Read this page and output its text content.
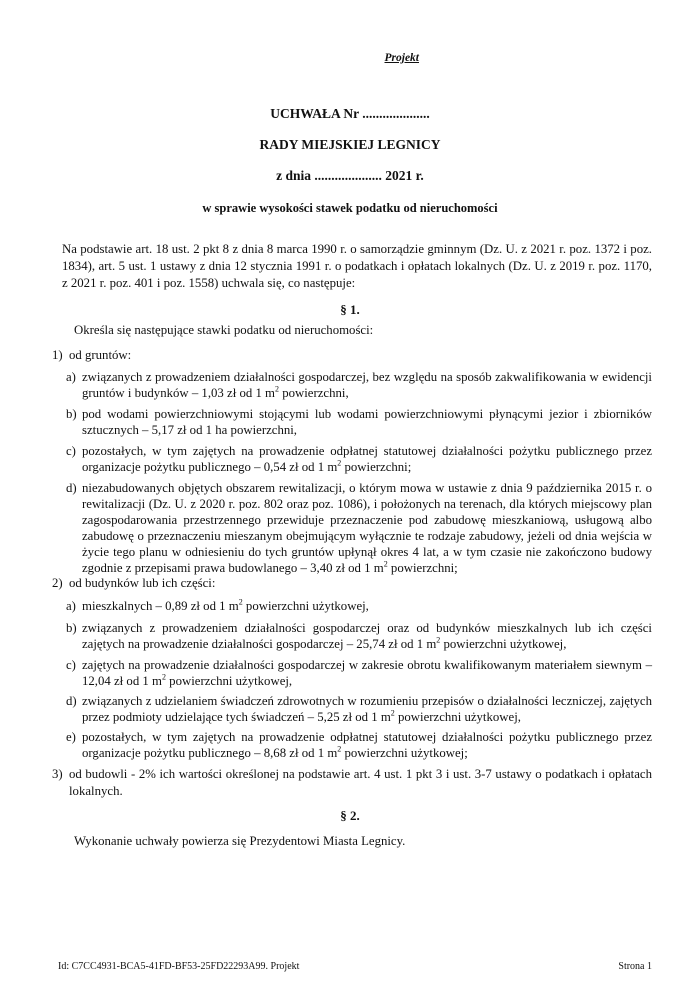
Projekt
UCHWAŁA Nr ....................
RADY MIEJSKIEJ LEGNICY
z dnia .................... 2021 r.
w sprawie wysokości stawek podatku od nieruchomości
Na podstawie art. 18 ust. 2 pkt 8 z dnia 8 marca 1990 r. o samorządzie gminnym (Dz. U. z 2021 r. poz. 1372 i poz. 1834), art. 5 ust. 1 ustawy z dnia 12 stycznia 1991 r. o podatkach i opłatach lokalnych (Dz. U. z 2019 r. poz. 1170, z 2021 r. poz. 401 i poz. 1558) uchwala się, co następuje:
§ 1.
Określa się następujące stawki podatku od nieruchomości:
1) od gruntów:
a) związanych z prowadzeniem działalności gospodarczej, bez względu na sposób zakwalifikowania w ewidencji gruntów i budynków – 1,03 zł od 1 $m^2$ powierzchni,
b) pod wodami powierzchniowymi stojącymi lub wodami powierzchniowymi płynącymi jezior i zbiorników sztucznych – 5,17 zł od 1 ha powierzchni,
c) pozostałych, w tym zajętych na prowadzenie odpłatnej statutowej działalności pożytku publicznego przez organizacje pożytku publicznego – 0,54 zł od 1 $m^2$ powierzchni;
d) niezabudowanych objętych obszarem rewitalizacji, o którym mowa w ustawie z dnia 9 października 2015 r. o rewitalizacji (Dz. U. z 2020 r. poz. 802 oraz poz. 1086), i położonych na terenach, dla których miejscowy plan zagospodarowania przestrzennego przewiduje przeznaczenie pod zabudowę mieszkaniową, usługową albo zabudowę o przeznaczeniu mieszanym obejmującym wyłącznie te rodzaje zabudowy, jeżeli od dnia wejścia w życie tego planu w odniesieniu do tych gruntów upłynął okres 4 lat, a w tym czasie nie zakończono budowy zgodnie z przepisami prawa budowlanego – 3,40 zł od 1 $m^2$ powierzchni;
2) od budynków lub ich części:
a) mieszkalnych – 0,89 zł od 1 $m^2$ powierzchni użytkowej,
b) związanych z prowadzeniem działalności gospodarczej oraz od budynków mieszkalnych lub ich części zajętych na prowadzenie działalności gospodarczej – 25,74 zł od 1 $m^2$ powierzchni użytkowej,
c) zajętych na prowadzenie działalności gospodarczej w zakresie obrotu kwalifikowanym materiałem siewnym – 12,04 zł od 1 $m^2$ powierzchni użytkowej,
d) związanych z udzielaniem świadczeń zdrowotnych w rozumieniu przepisów o działalności leczniczej, zajętych przez podmioty udzielające tych świadczeń – 5,25 zł od 1 $m^2$ powierzchni użytkowej,
e) pozostałych, w tym zajętych na prowadzenie odpłatnej statutowej działalności pożytku publicznego przez organizacje pożytku publicznego – 8,68 zł od 1 $m^2$ powierzchni użytkowej;
3) od budowli - 2% ich wartości określonej na podstawie art. 4 ust. 1 pkt 3 i ust. 3-7 ustawy o podatkach i opłatach lokalnych.
§ 2.
Wykonanie uchwały powierza się Prezydentowi Miasta Legnicy.
Id: C7CC4931-BCA5-41FD-BF53-25FD22293A99. Projekt	Strona 1
